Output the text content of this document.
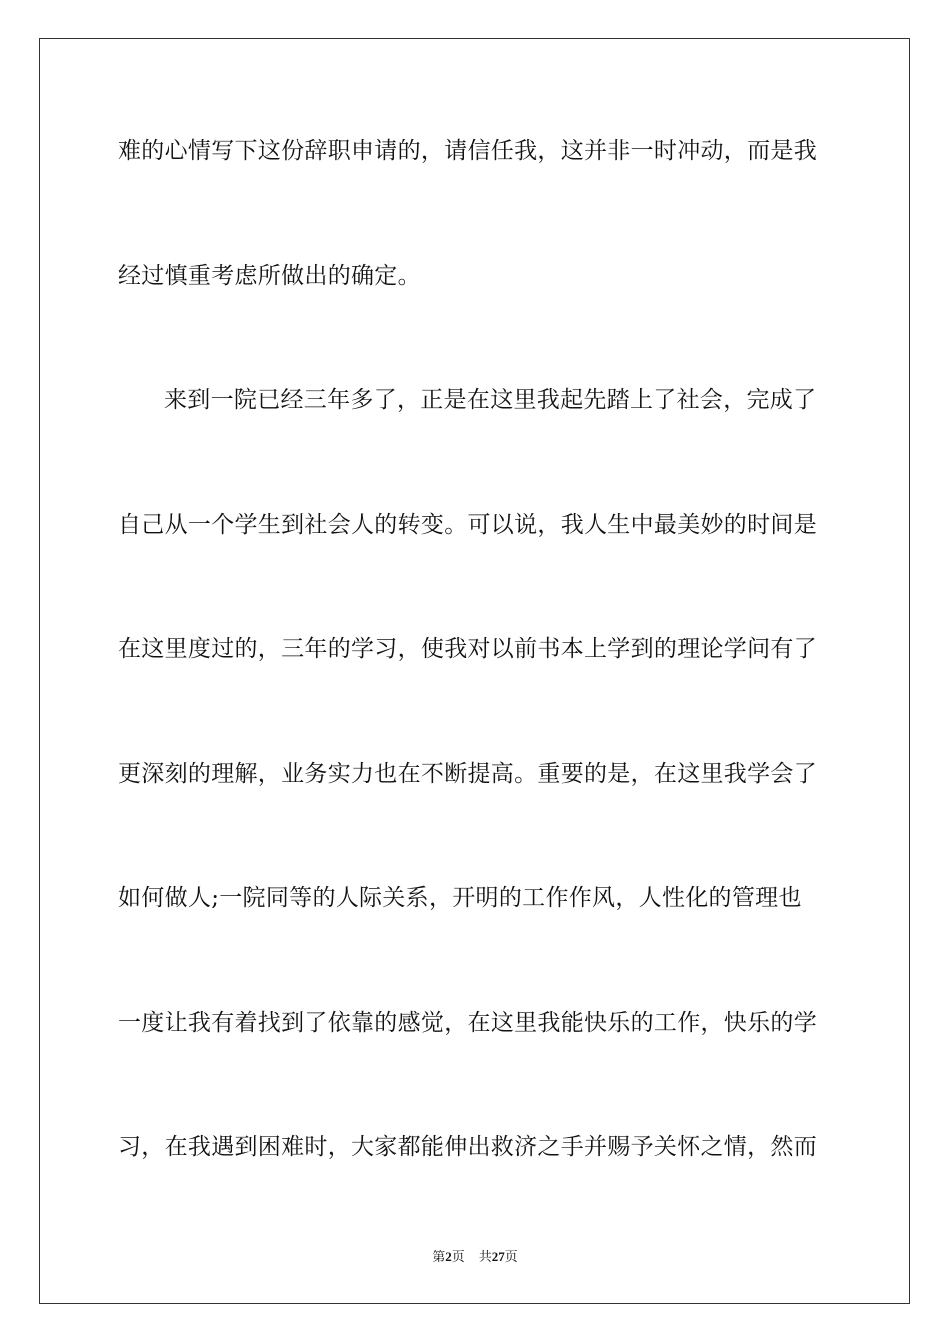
难的心情写下这份辞职申请的，请信任我，这并非一时冲动，而是我
经过慎重考虑所做出的确定。
来到一院已经三年多了，正是在这里我起先踏上了社会，完成了
自己从一个学生到社会人的转变。可以说，我人生中最美妙的时间是
在这里度过的，三年的学习，使我对以前书本上学到的理论学问有了
更深刻的理解，业务实力也在不断提高。重要的是，在这里我学会了
如何做人;一院同等的人际关系，开明的工作作风，人性化的管理也
一度让我有着找到了依靠的感觉，在这里我能快乐的工作，快乐的学
习，在我遇到困难时，大家都能伸出救济之手并赐予关怀之情，然而
第2页 共27页
